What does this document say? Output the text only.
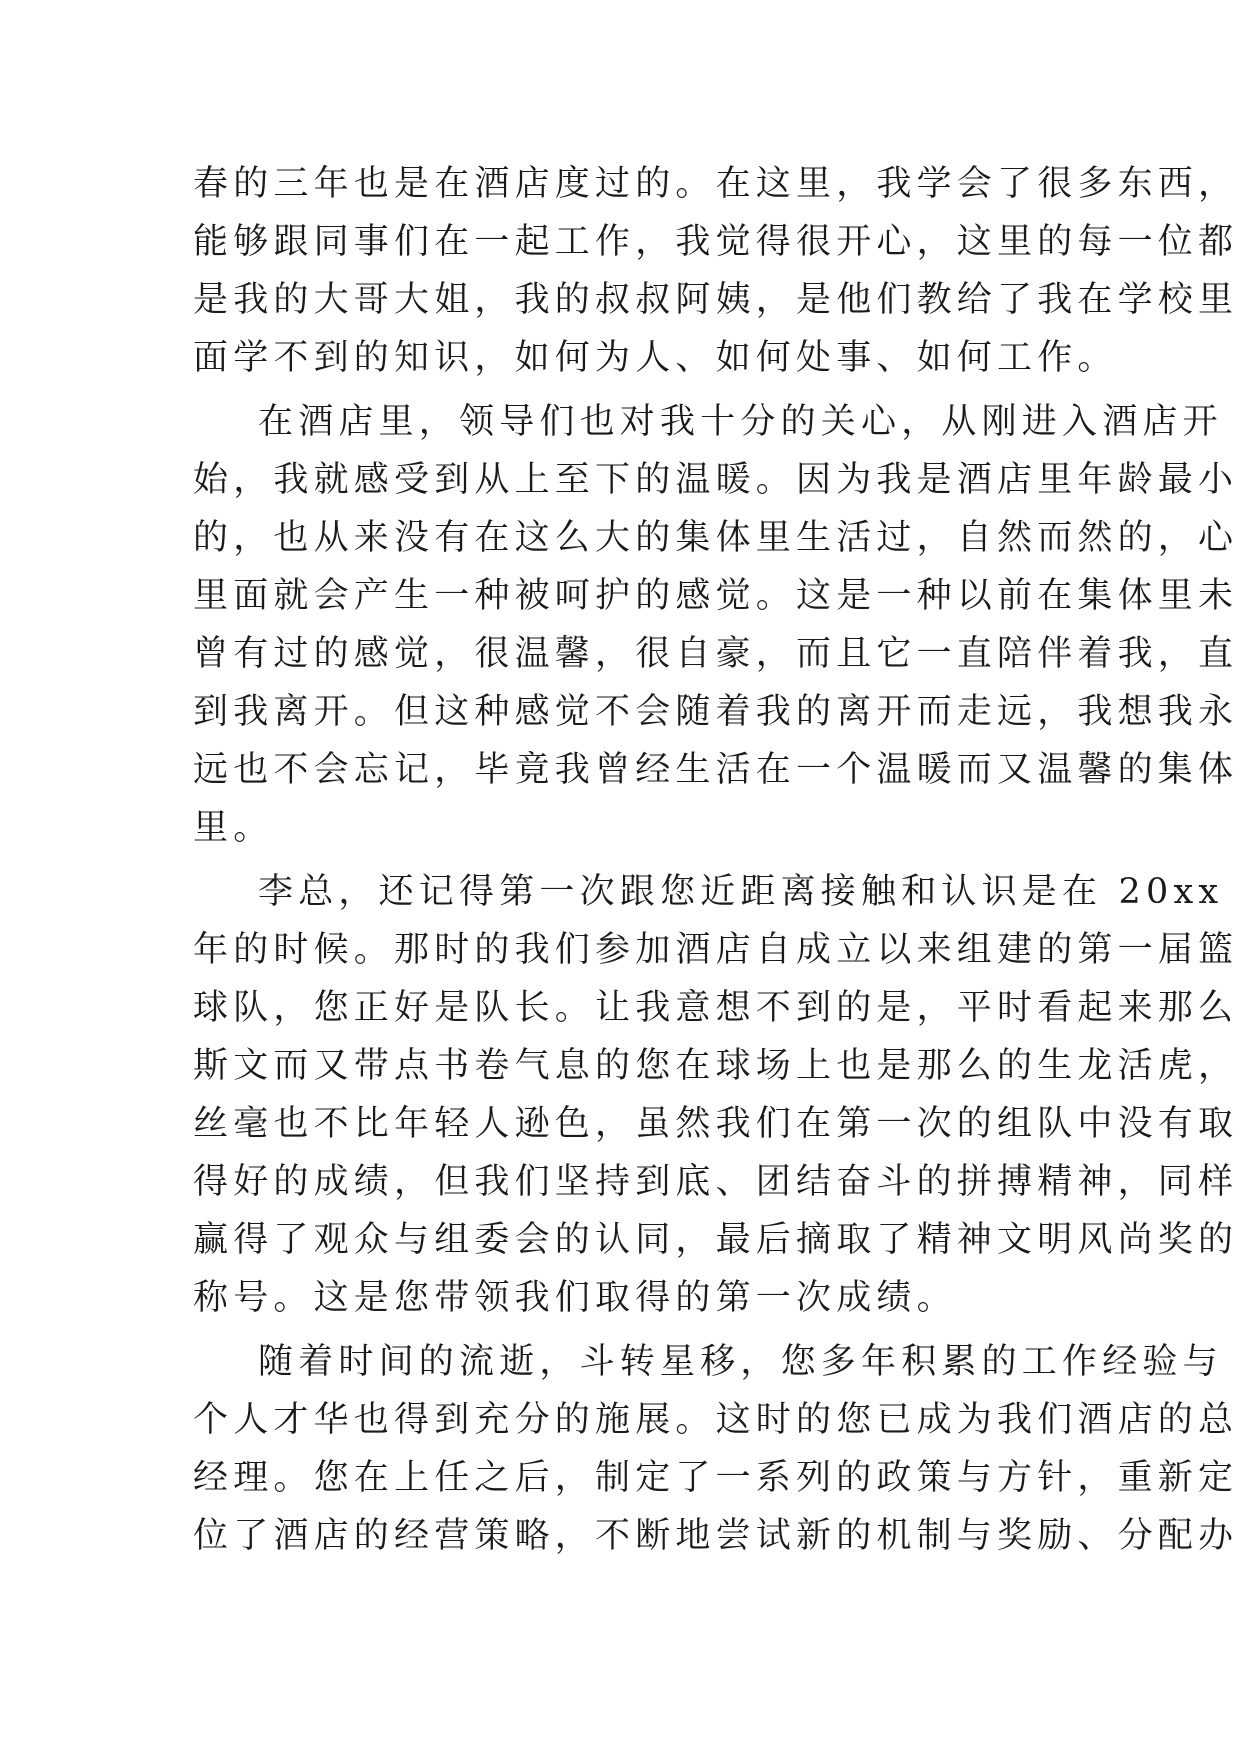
春的三年也是在酒店度过的。在这里，我学会了很多东西，
能够跟同事们在一起工作，我觉得很开心，这里的每一位都
是我的大哥大姐，我的叔叔阿姨，是他们教给了我在学校里
面学不到的知识，如何为人、如何处事、如何工作。
在酒店里，领导们也对我十分的关心，从刚进入酒店开
始，我就感受到从上至下的温暖。因为我是酒店里年龄最小
的，也从来没有在这么大的集体里生活过，自然而然的，心
里面就会产生一种被呵护的感觉。这是一种以前在集体里未
曾有过的感觉，很温馨，很自豪，而且它一直陪伴着我，直
到我离开。但这种感觉不会随着我的离开而走远，我想我永
远也不会忘记，毕竟我曾经生活在一个温暖而又温馨的集体
里。
李总，还记得第一次跟您近距离接触和认识是在 20xx
年的时候。那时的我们参加酒店自成立以来组建的第一届篮
球队，您正好是队长。让我意想不到的是，平时看起来那么
斯文而又带点书卷气息的您在球场上也是那么的生龙活虎，
丝毫也不比年轻人逊色，虽然我们在第一次的组队中没有取
得好的成绩，但我们坚持到底、团结奋斗的拼搏精神，同样
赢得了观众与组委会的认同，最后摘取了精神文明风尚奖的
称号。这是您带领我们取得的第一次成绩。
随着时间的流逝，斗转星移，您多年积累的工作经验与
个人才华也得到充分的施展。这时的您已成为我们酒店的总
经理。您在上任之后，制定了一系列的政策与方针，重新定
位了酒店的经营策略，不断地尝试新的机制与奖励、分配办
